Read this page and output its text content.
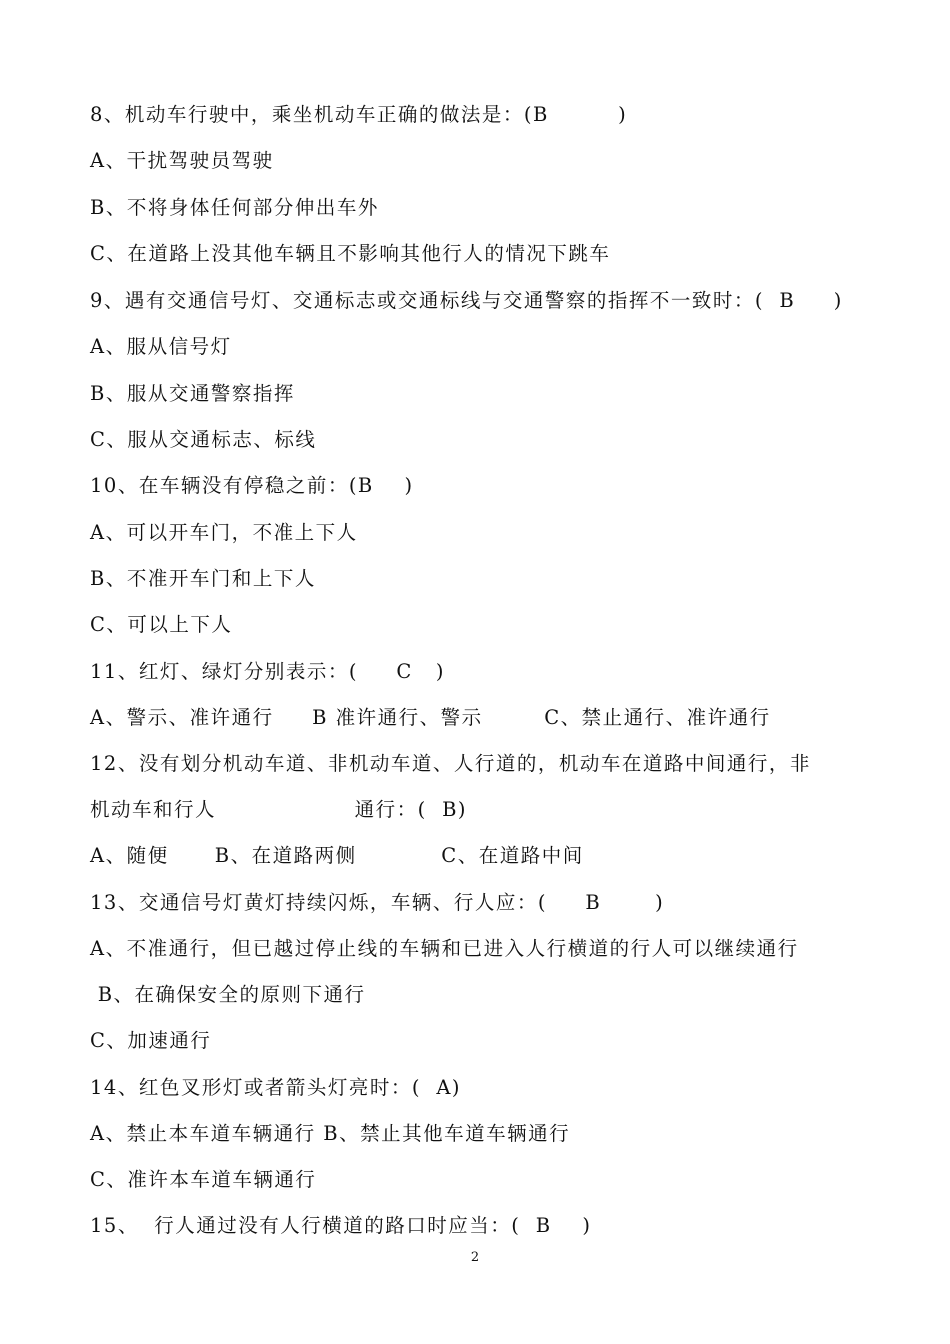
8、机动车行驶中，乘坐机动车正确的做法是：(B         )
A、干扰驾驶员驾驶
B、不将身体任何部分伸出车外
C、在道路上没其他车辆且不影响其他行人的情况下跳车
9、遇有交通信号灯、交通标志或交通标线与交通警察的指挥不一致时：(  B     )
A、服从信号灯
B、服从交通警察指挥
C、服从交通标志、标线
10、在车辆没有停稳之前：(B    )
A、可以开车门，不准上下人
B、不准开车门和上下人
C、可以上下人
11、红灯、绿灯分别表示：(     C   )
A、警示、准许通行     B 准许通行、警示        C、禁止通行、准许通行
12、没有划分机动车道、非机动车道、人行道的，机动车在道路中间通行，非
机动车和行人                  通行：(  B)
A、随便      B、在道路两侧           C、在道路中间
13、交通信号灯黄灯持续闪烁，车辆、行人应：(     B       )
A、不准通行，但已越过停止线的车辆和已进入人行横道的行人可以继续通行
B、在确保安全的原则下通行
C、加速通行
14、红色叉形灯或者箭头灯亮时：(  A)
A、禁止本车道车辆通行 B、禁止其他车道车辆通行
C、准许本车道车辆通行
15、  行人通过没有人行横道的路口时应当：(  B    )
2
